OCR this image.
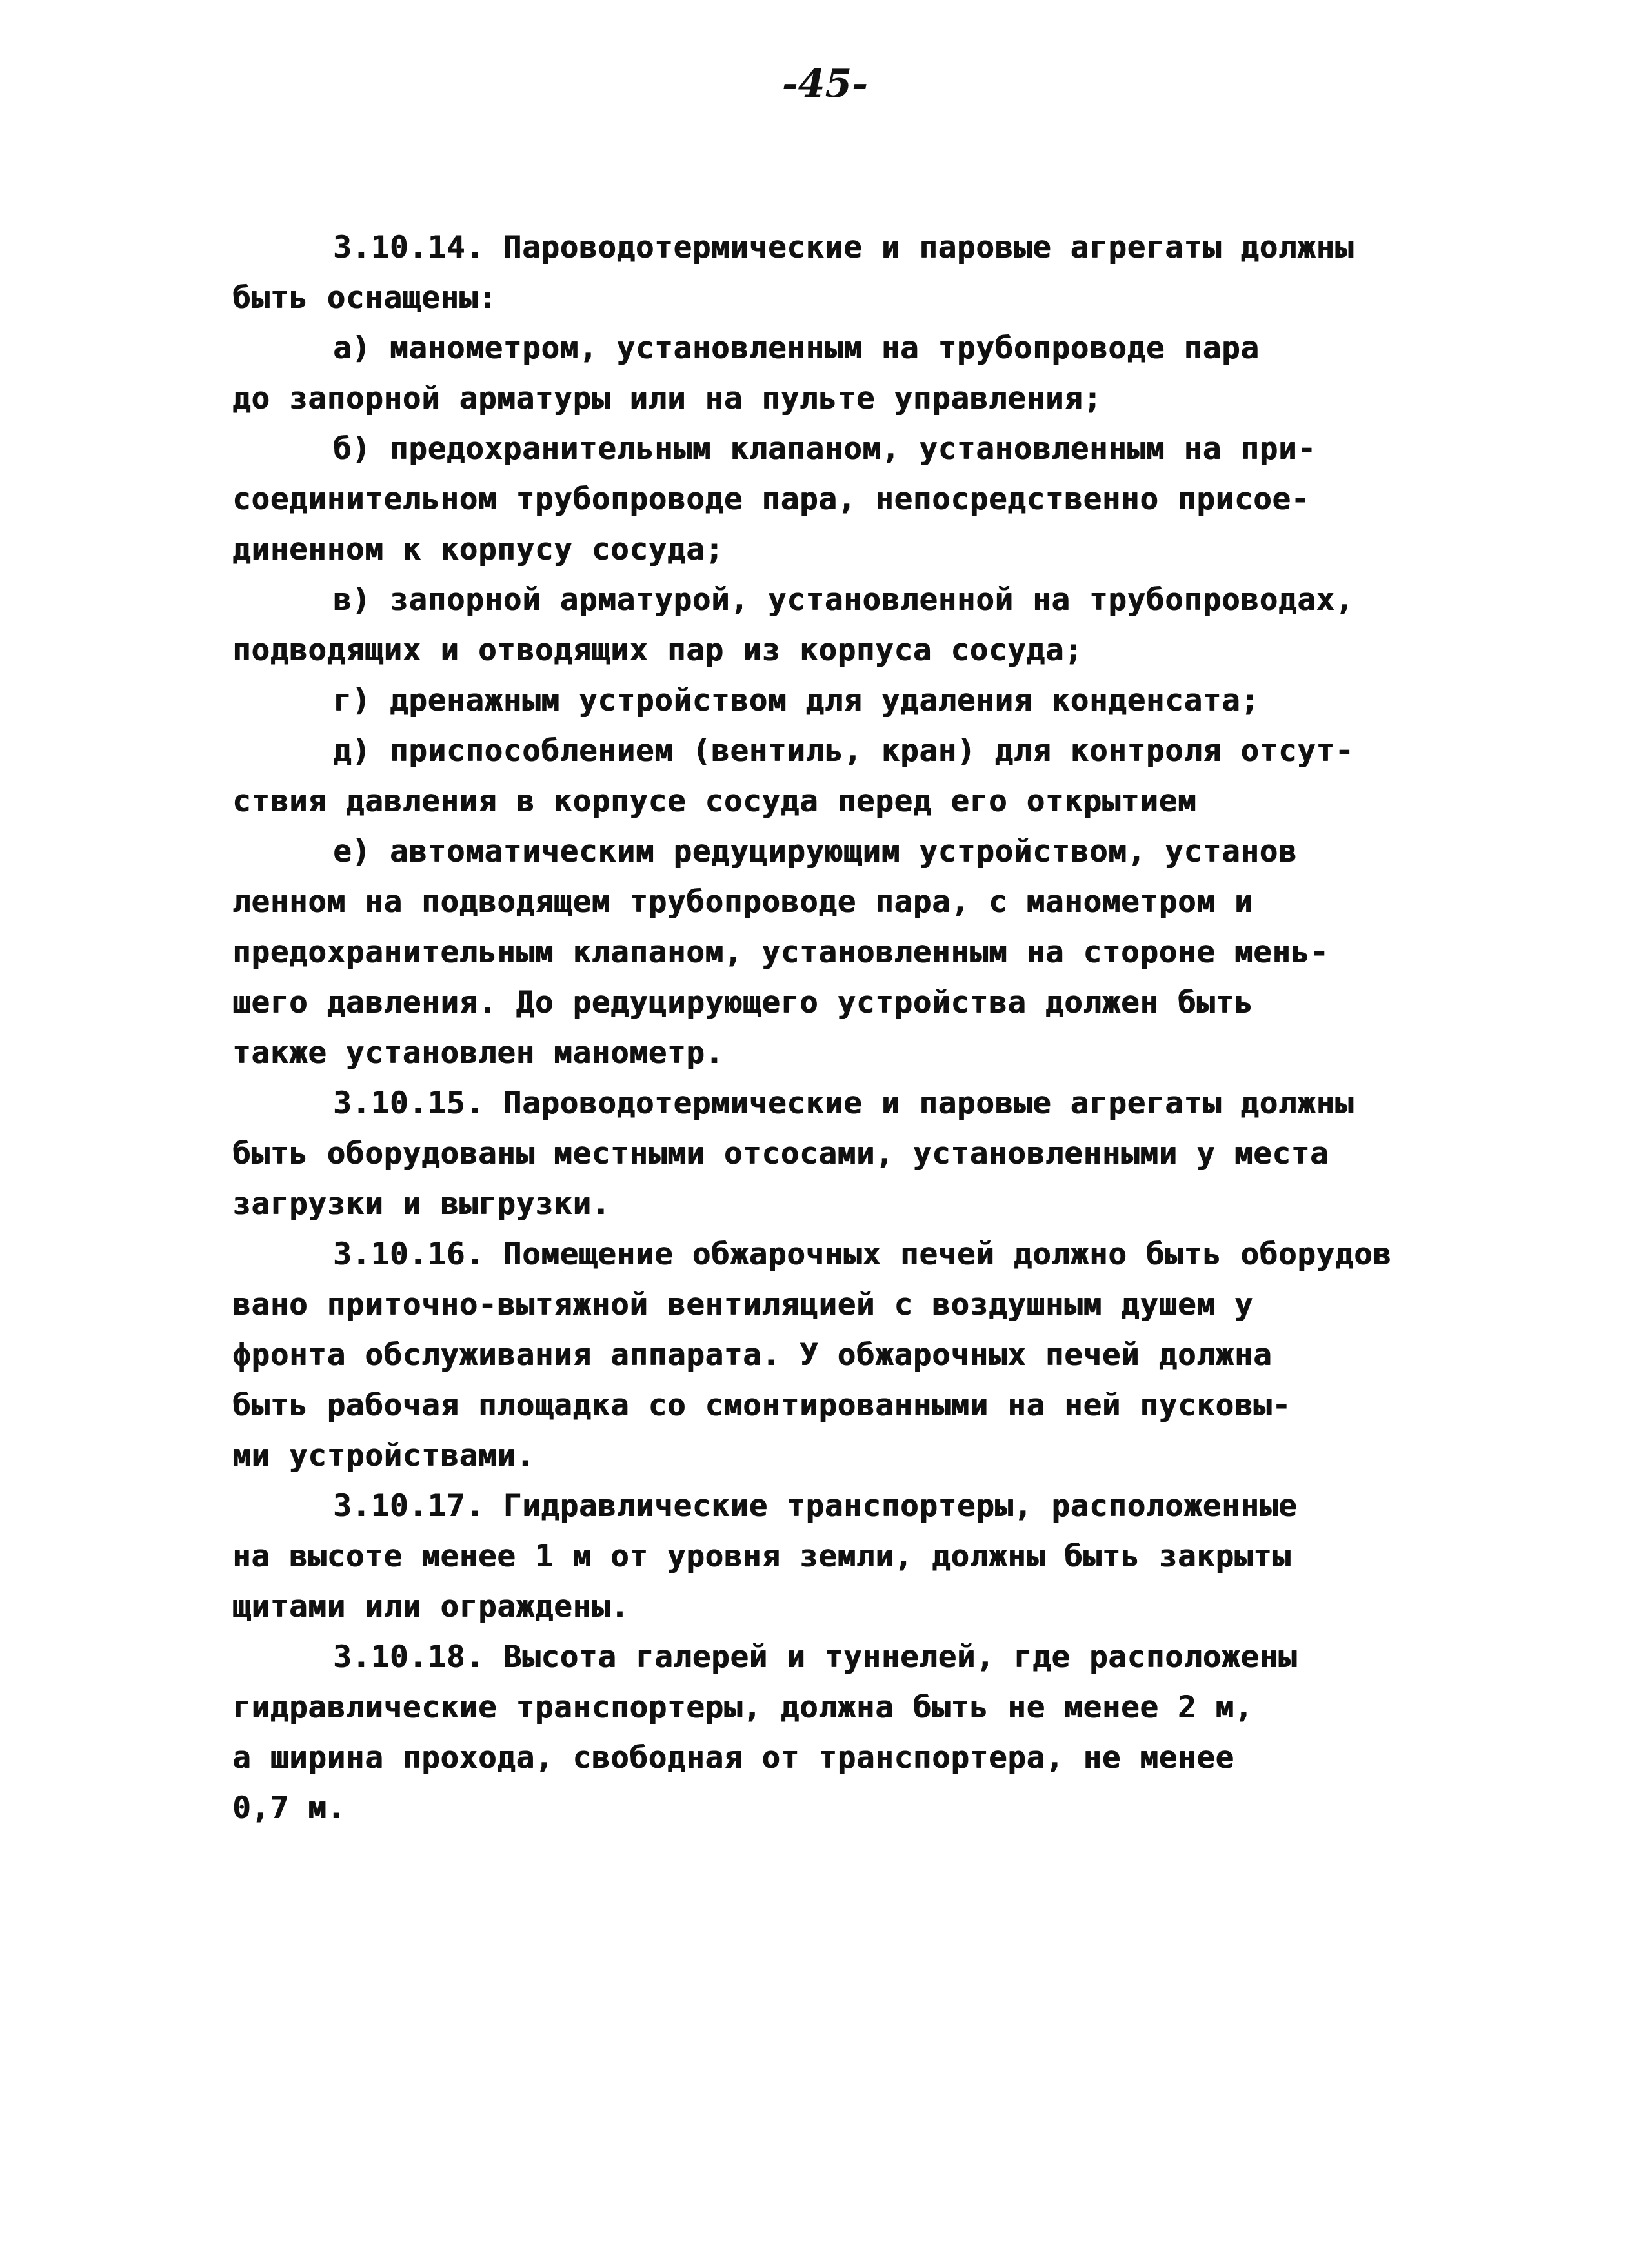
-45-
3.10.14. Пароводотермические и паровые агрегаты должны
быть оснащены:
а) манометром, установленным на трубопроводе пара
до запорной арматуры или на пульте управления;
б) предохранительным клапаном, установленным на при-
соединительном трубопроводе пара, непосредственно присое-
диненном к корпусу сосуда;
в) запорной арматурой, установленной на трубопроводах,
подводящих и отводящих пар из корпуса сосуда;
г) дренажным устройством для удаления конденсата;
д) приспособлением (вентиль, кран) для контроля отсут-
ствия давления в корпусе сосуда перед его открытием
е) автоматическим редуцирующим устройством, установ
ленном на подводящем трубопроводе пара, с манометром и
предохранительным клапаном, установленным на стороне мень-
шего давления. До редуцирующего устройства должен быть
также установлен манометр.
3.10.15. Пароводотермические и паровые агрегаты должны
быть оборудованы местными отсосами, установленными у места
загрузки и выгрузки.
3.10.16. Помещение обжарочных печей должно быть оборудов
вано приточно-вытяжной вентиляцией с воздушным душем у
фронта обслуживания аппарата. У обжарочных печей должна
быть рабочая площадка со смонтированными на ней пусковы-
ми устройствами.
3.10.17. Гидравлические транспортеры, расположенные
на высоте менее 1 м от уровня земли, должны быть закрыты
щитами или ограждены.
3.10.18. Высота галерей и туннелей, где расположены
гидравлические транспортеры, должна быть не менее 2 м,
а ширина прохода, свободная от транспортера, не менее
0,7 м.
